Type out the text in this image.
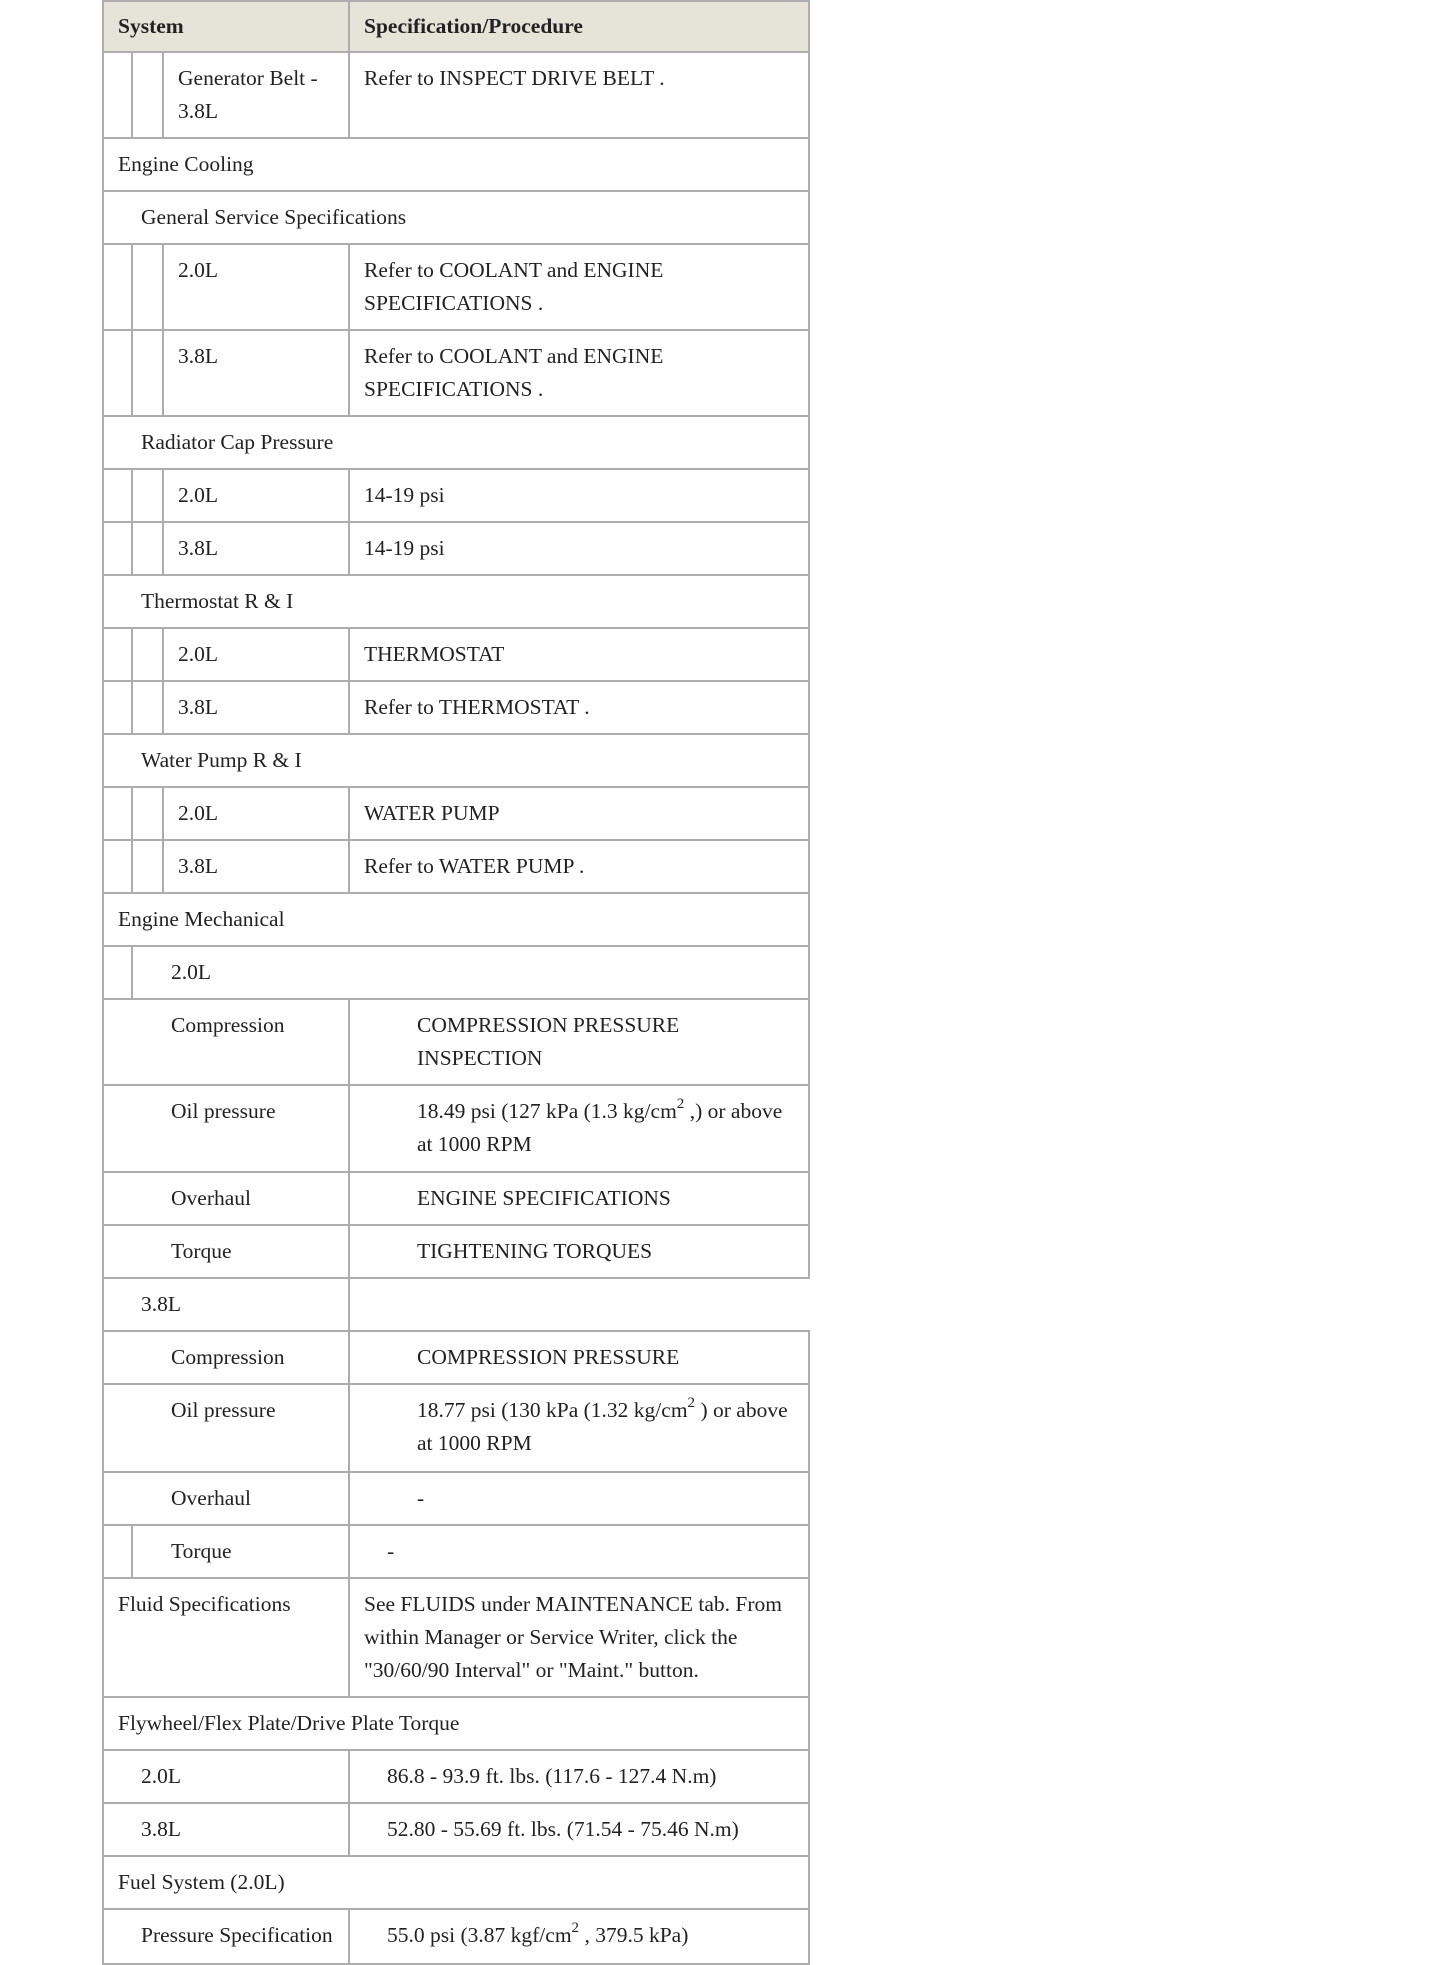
System			Specification/Procedure
		Generator Belt - 3.8L	Refer to INSPECT DRIVE BELT .
Engine Cooling			
General Service Specifications			
		2.0L	Refer to COOLANT and ENGINE SPECIFICATIONS .
		3.8L	Refer to COOLANT and ENGINE SPECIFICATIONS .
Radiator Cap Pressure			
		2.0L	14-19 psi
		3.8L	14-19 psi
Thermostat R & I			
		2.0L	THERMOSTAT
		3.8L	Refer to THERMOSTAT .
Water Pump R & I			
		2.0L	WATER PUMP
		3.8L	Refer to WATER PUMP .
Engine Mechanical			
	2.0L		
Compression			COMPRESSION PRESSURE INSPECTION
Oil pressure			18.49 psi (127 kPa (1.3 $kg/cm^2$ ,) or above at 1000 RPM
Overhaul			ENGINE SPECIFICATIONS
Torque			TIGHTENING TORQUES
3.8L			
Compression			COMPRESSION PRESSURE
Oil pressure			18.77 psi (130 kPa (1.32 $kg/cm^2$ ) or above at 1000 RPM
Overhaul			-
	Torque		-
Fluid Specifications			See FLUIDS under MAINTENANCE tab. From within Manager or Service Writer, click the "30/60/90 Interval" or "Maint." button.
Flywheel/Flex Plate/Drive Plate Torque			
2.0L			86.8 - 93.9 ft. lbs. (117.6 - 127.4 N.m)
3.8L			52.80 - 55.69 ft. lbs. (71.54 - 75.46 N.m)
Fuel System (2.0L)			
Pressure Specification			55.0 psi (3.87 kgf/$cm^2$ , 379.5 kPa)
